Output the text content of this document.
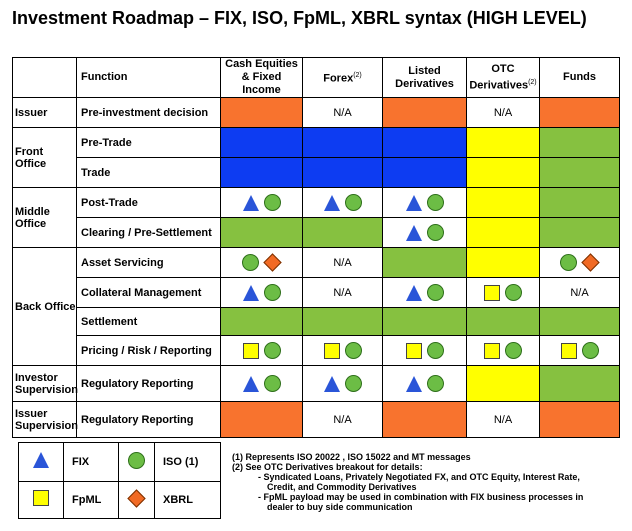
Investment Roadmap – FIX, ISO, FpML, XBRL syntax (HIGH LEVEL)
	Function	Cash Equities & Fixed Income	Forex$^{(2)}$	Listed Derivatives	OTC Derivatives$^{(2)}$	Funds
Issuer	Pre-investment decision		N/A		N/A	
Front Office	Pre-Trade					
	Trade					
Middle Office	Post-Trade	

	Clearing / Pre-Settlement			

Back Office	Asset Servicing		N/A			

	Collateral Management		N/A			N/A
	Settlement					
	Pricing / Risk / Reporting	

Investor Supervision	Regulatory Reporting	

Issuer Supervision	Regulatory Reporting		N/A		N/A	
	FIX		ISO (1)
	FpML		XBRL
(1) Represents ISO 20022 , ISO 15022 and MT messages
(2) See OTC Derivatives breakout for details:
- Syndicated Loans, Privately Negotiated FX, and OTC Equity, Interest Rate,
Credit, and Commodity Derivatives
- FpML payload may be used in combination with FIX business processes in
dealer to buy side communication
